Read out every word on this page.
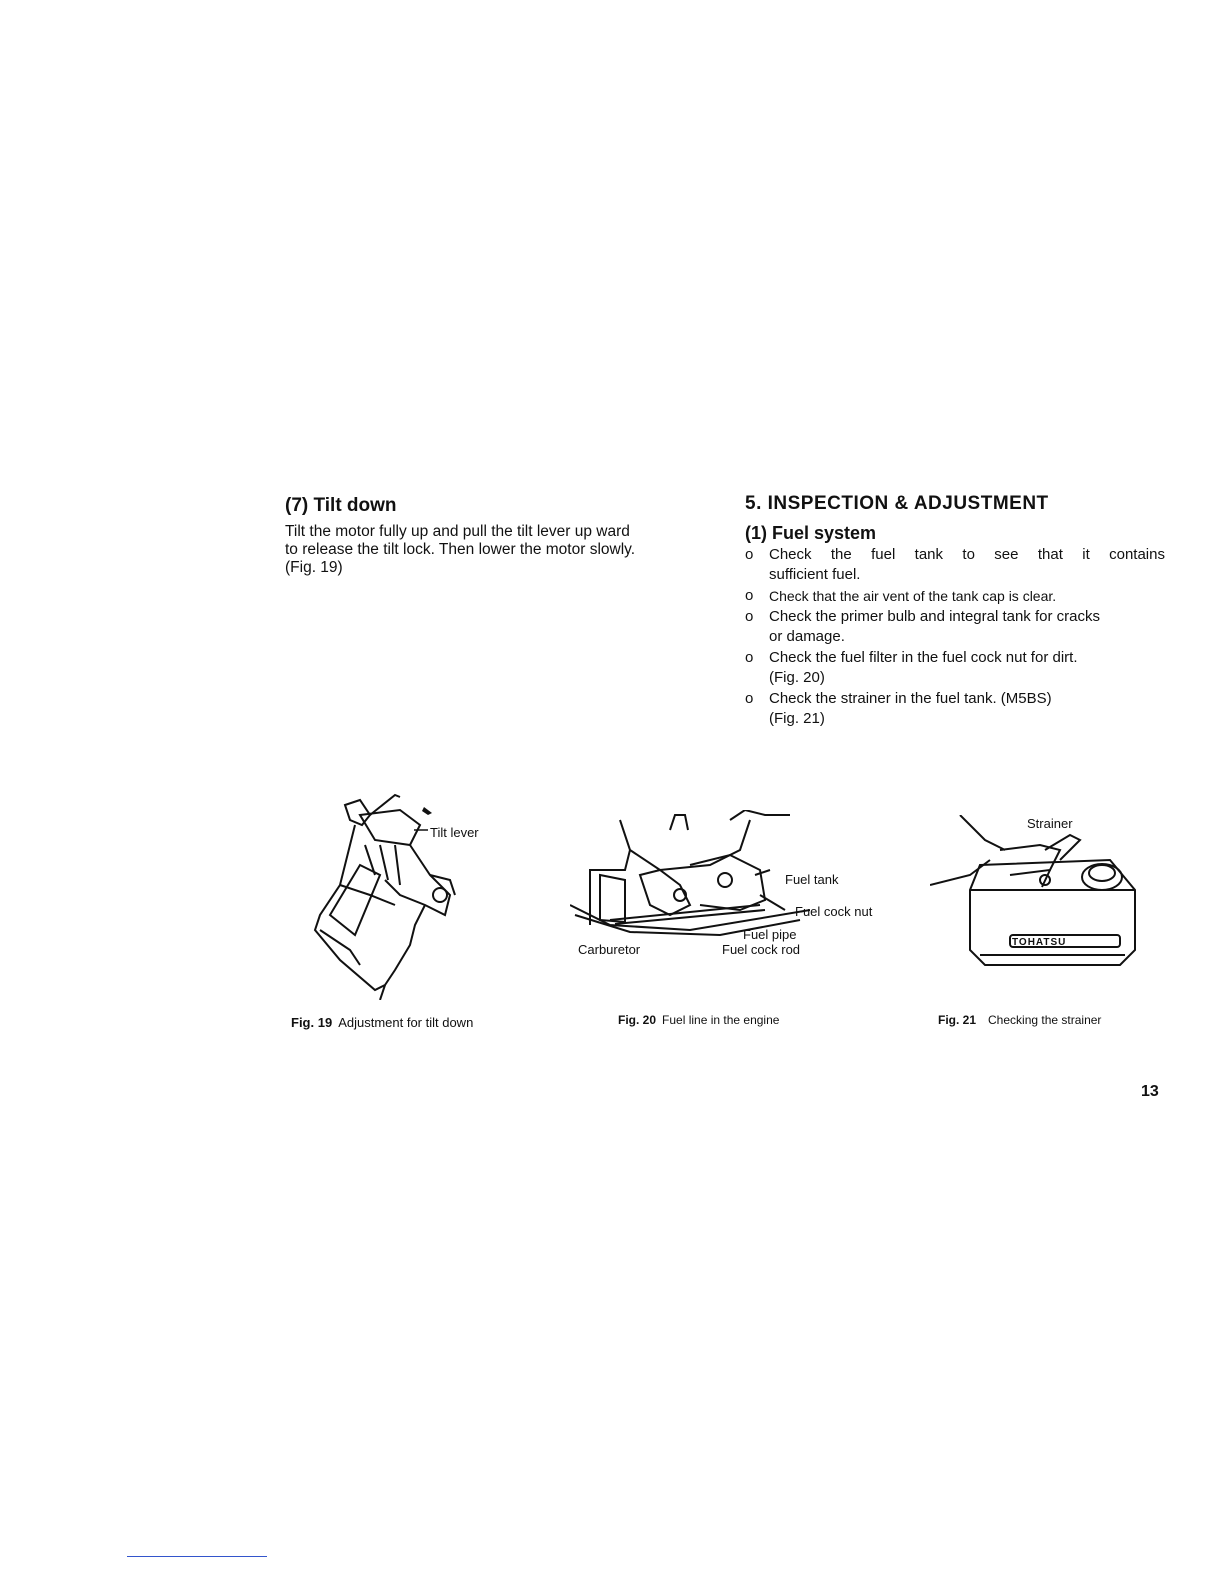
(7) Tilt down
Tilt the motor fully up and pull the tilt lever up ward
to release the tilt lock. Then lower the motor slowly.
(Fig. 19)
5. INSPECTION & ADJUSTMENT
(1) Fuel system
o Check the fuel tank to see that it contains
sufficient fuel.
o Check that the air vent of the tank cap is clear.
o Check the primer bulb and integral tank for cracks
or damage.
o Check the fuel filter in the fuel cock nut for dirt.
(Fig. 20)
o Check the strainer in the fuel tank. (M5BS)
(Fig. 21)
Tilt lever
Fuel tank
Fuel cock nut
Fuel pipe
Carburetor	Fuel cock rod
Strainer
TOHATSU
Fig. 19 Adjustment for tilt down	Fig. 20 Fuel line in the engine	Fig. 21 Checking the strainer
13
